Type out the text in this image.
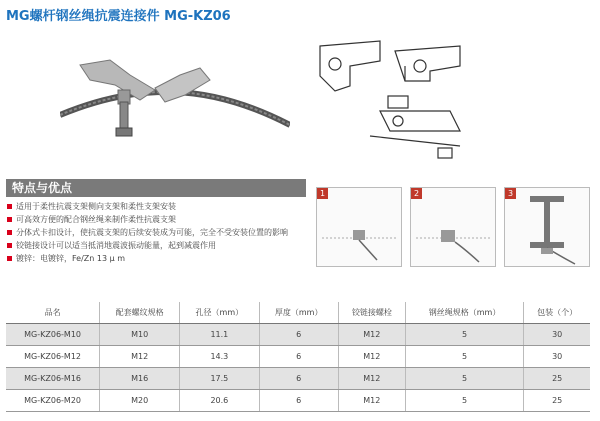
MG螺杆钢丝绳抗震连接件 MG-KZ06
特点与优点
适用于柔性抗震支架侧向支架和柔性支架安装
可高效方便的配合钢丝绳来制作柔性抗震支架
分体式卡扣设计，使抗震支架的后续安装成为可能，完全不受安装位置的影响
铰链接设计可以适当抵消地震波振动能量，起到减震作用
镀锌：电镀锌，Fe/Zn 13 μ m
1	2	3
品名	配套螺纹规格	孔径（mm）	厚度（mm）	铰链接螺栓	钢丝绳规格（mm）	包装（个）
MG-KZ06-M10	M10	11.1	6	M12	5	30
MG-KZ06-M12	M12	14.3	6	M12	5	30
MG-KZ06-M16	M16	17.5	6	M12	5	25
MG-KZ06-M20	M20	20.6	6	M12	5	25
